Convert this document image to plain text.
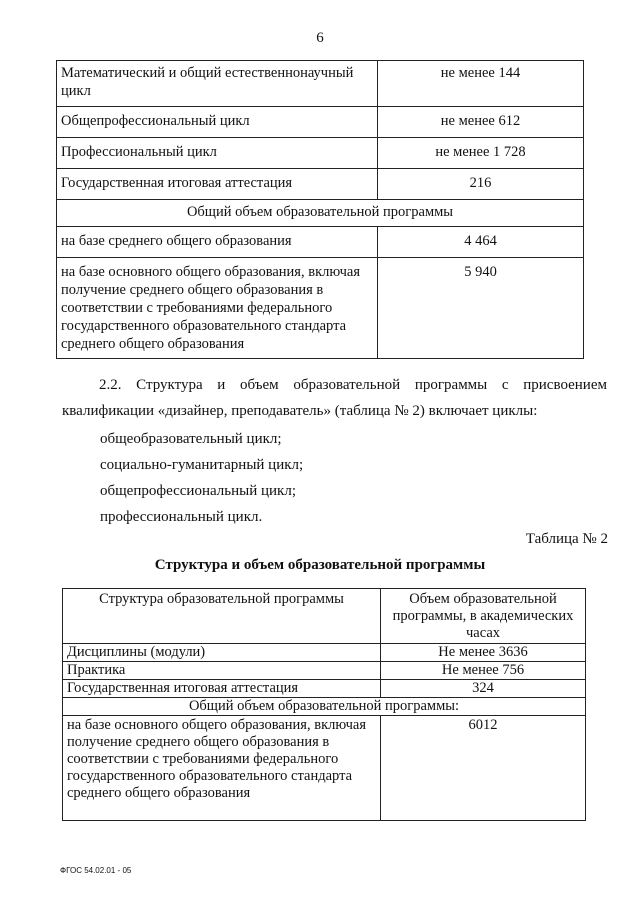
6
Математический и общий естественнонаучный цикл	не менее 144
Общепрофессиональный цикл	не менее 612
Профессиональный цикл	не менее 1 728
Государственная итоговая аттестация	216
Общий объем образовательной программы	
на базе среднего общего образования	4 464
на базе основного общего образования, включая получение среднего общего образования в соответствии с требованиями федерального государственного образовательного стандарта среднего общего образования	5 940
2.2. Структура и объем образовательной программы с присвоением квалификации «дизайнер, преподаватель» (таблица № 2) включает циклы:
общеобразовательный цикл;
социально-гуманитарный цикл;
общепрофессиональный цикл;
профессиональный цикл.
Таблица № 2
Структура и объем образовательной программы
Структура образовательной программы	Объем образовательной программы, в академических часах
Дисциплины (модули)	Не менее 3636
Практика	Не менее 756
Государственная итоговая аттестация	324
Общий объем образовательной программы:	
на базе основного общего образования, включая получение среднего общего образования в соответствии с требованиями федерального государственного образовательного стандарта среднего общего образования	6012
ФГОС 54.02.01 - 05
